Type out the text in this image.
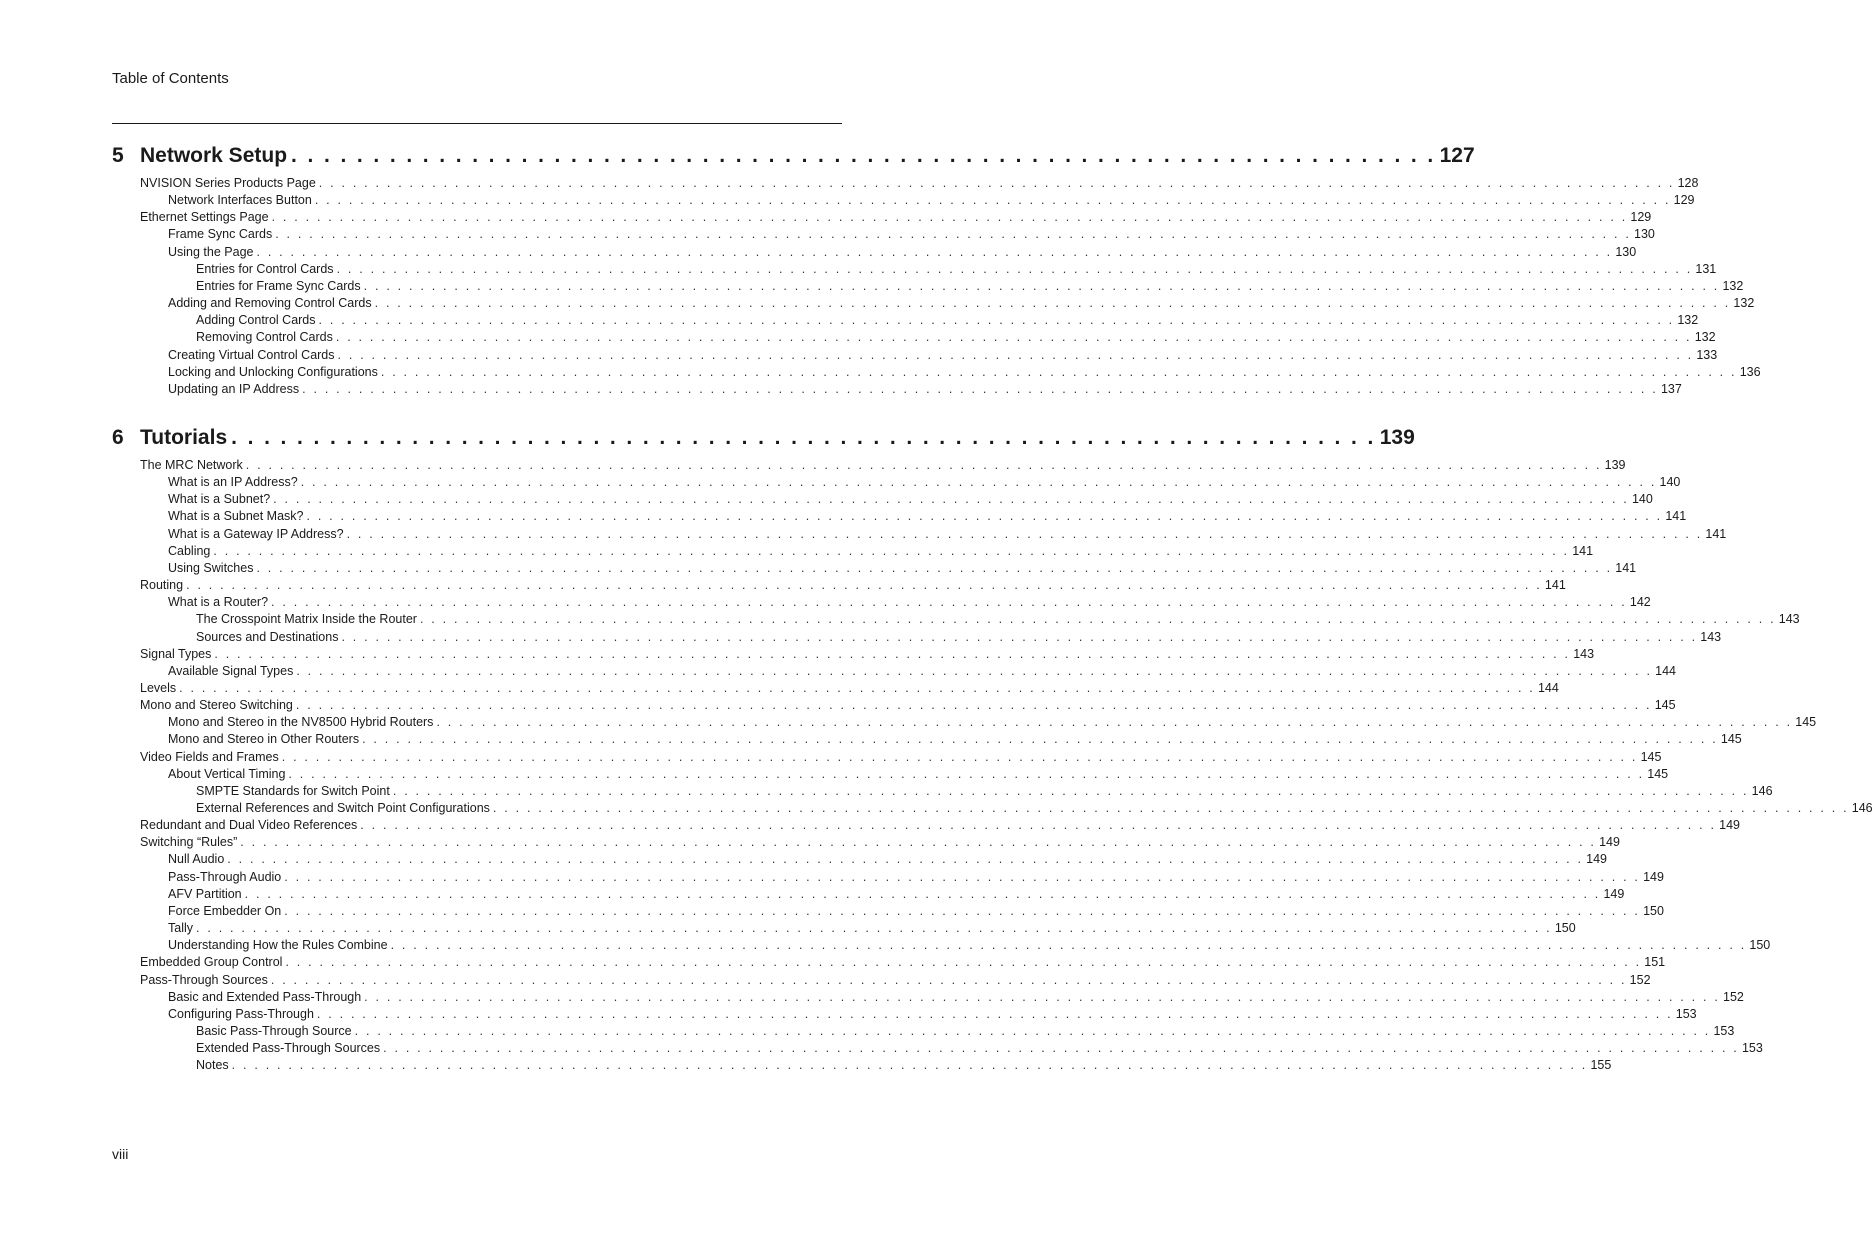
Table of Contents
5 Network Setup . . . . . . . . . . . . . . . . . . . . . . . . . . . . . . . . . . . . . . . . . . . . . . . . . . . . . . . . . . . . . . . . . . . . . . 127
NVISION Series Products Page . . . . . . . . . . . . . . . . . . . . . . . . . . . . . . . . . . . . . . . . . . . . . . . . . . . . . . . . . . . . . . . . . . . . . . . . . . . . . . . . . . . . . . . . . . . . . . . . . . . . . . . . . . . . . . . . . . . . . . . . 128
Network Interfaces Button . . . . . . . . . . . . . . . . . . . . . . . . . . . . . . . . . . . . . . . . . . . . . . . . . . . . . . . . . . . . . . . . . . . . . . . . . . . . . . . . . . . . . . . . . . . . . . . . . . . . . . . . . . . . . . . . . . . . . . . . 129
Ethernet Settings Page . . . . . . . . . . . . . . . . . . . . . . . . . . . . . . . . . . . . . . . . . . . . . . . . . . . . . . . . . . . . . . . . . . . . . . . . . . . . . . . . . . . . . . . . . . . . . . . . . . . . . . . . . . . . . . . . . . . . . . . . 129
Frame Sync Cards . . . . . . . . . . . . . . . . . . . . . . . . . . . . . . . . . . . . . . . . . . . . . . . . . . . . . . . . . . . . . . . . . . . . . . . . . . . . . . . . . . . . . . . . . . . . . . . . . . . . . . . . . . . . . . . . . . . . . . . . 130
Using the Page . . . . . . . . . . . . . . . . . . . . . . . . . . . . . . . . . . . . . . . . . . . . . . . . . . . . . . . . . . . . . . . . . . . . . . . . . . . . . . . . . . . . . . . . . . . . . . . . . . . . . . . . . . . . . . . . . . . . . . . . 130
Entries for Control Cards . . . . . . . . . . . . . . . . . . . . . . . . . . . . . . . . . . . . . . . . . . . . . . . . . . . . . . . . . . . . . . . . . . . . . . . . . . . . . . . . . . . . . . . . . . . . . . . . . . . . . . . . . . . . . . . . . . . . . . . . 131
Entries for Frame Sync Cards . . . . . . . . . . . . . . . . . . . . . . . . . . . . . . . . . . . . . . . . . . . . . . . . . . . . . . . . . . . . . . . . . . . . . . . . . . . . . . . . . . . . . . . . . . . . . . . . . . . . . . . . . . . . . . . . . . . . . . . . 132
Adding and Removing Control Cards . . . . . . . . . . . . . . . . . . . . . . . . . . . . . . . . . . . . . . . . . . . . . . . . . . . . . . . . . . . . . . . . . . . . . . . . . . . . . . . . . . . . . . . . . . . . . . . . . . . . . . . . . . . . . . . . . . . . . . . . 132
Adding Control Cards . . . . . . . . . . . . . . . . . . . . . . . . . . . . . . . . . . . . . . . . . . . . . . . . . . . . . . . . . . . . . . . . . . . . . . . . . . . . . . . . . . . . . . . . . . . . . . . . . . . . . . . . . . . . . . . . . . . . . . . . 132
Removing Control Cards . . . . . . . . . . . . . . . . . . . . . . . . . . . . . . . . . . . . . . . . . . . . . . . . . . . . . . . . . . . . . . . . . . . . . . . . . . . . . . . . . . . . . . . . . . . . . . . . . . . . . . . . . . . . . . . . . . . . . . . . 132
Creating Virtual Control Cards . . . . . . . . . . . . . . . . . . . . . . . . . . . . . . . . . . . . . . . . . . . . . . . . . . . . . . . . . . . . . . . . . . . . . . . . . . . . . . . . . . . . . . . . . . . . . . . . . . . . . . . . . . . . . . . . . . . . . . . . 133
Locking and Unlocking Configurations . . . . . . . . . . . . . . . . . . . . . . . . . . . . . . . . . . . . . . . . . . . . . . . . . . . . . . . . . . . . . . . . . . . . . . . . . . . . . . . . . . . . . . . . . . . . . . . . . . . . . . . . . . . . . . . . . . . . . . . . 136
Updating an IP Address . . . . . . . . . . . . . . . . . . . . . . . . . . . . . . . . . . . . . . . . . . . . . . . . . . . . . . . . . . . . . . . . . . . . . . . . . . . . . . . . . . . . . . . . . . . . . . . . . . . . . . . . . . . . . . . . . . . . . . . . 137
6 Tutorials . . . . . . . . . . . . . . . . . . . . . . . . . . . . . . . . . . . . . . . . . . . . . . . . . . . . . . . . . . . . . . . . . . . . . . 139
The MRC Network . . . . . . . . . . . . . . . . . . . . . . . . . . . . . . . . . . . . . . . . . . . . . . . . . . . . . . . . . . . . . . . . . . . . . . . . . . . . . . . . . . . . . . . . . . . . . . . . . . . . . . . . . . . . . . . . . . . . . . . . 139
What is an IP Address? . . . . . . . . . . . . . . . . . . . . . . . . . . . . . . . . . . . . . . . . . . . . . . . . . . . . . . . . . . . . . . . . . . . . . . . . . . . . . . . . . . . . . . . . . . . . . . . . . . . . . . . . . . . . . . . . . . . . . . . . 140
What is a Subnet? . . . . . . . . . . . . . . . . . . . . . . . . . . . . . . . . . . . . . . . . . . . . . . . . . . . . . . . . . . . . . . . . . . . . . . . . . . . . . . . . . . . . . . . . . . . . . . . . . . . . . . . . . . . . . . . . . . . . . . . . 140
What is a Subnet Mask? . . . . . . . . . . . . . . . . . . . . . . . . . . . . . . . . . . . . . . . . . . . . . . . . . . . . . . . . . . . . . . . . . . . . . . . . . . . . . . . . . . . . . . . . . . . . . . . . . . . . . . . . . . . . . . . . . . . . . . . . 141
What is a Gateway IP Address? . . . . . . . . . . . . . . . . . . . . . . . . . . . . . . . . . . . . . . . . . . . . . . . . . . . . . . . . . . . . . . . . . . . . . . . . . . . . . . . . . . . . . . . . . . . . . . . . . . . . . . . . . . . . . . . . . . . . . . . . 141
Cabling . . . . . . . . . . . . . . . . . . . . . . . . . . . . . . . . . . . . . . . . . . . . . . . . . . . . . . . . . . . . . . . . . . . . . . . . . . . . . . . . . . . . . . . . . . . . . . . . . . . . . . . . . . . . . . . . . . . . . . . . 141
Using Switches . . . . . . . . . . . . . . . . . . . . . . . . . . . . . . . . . . . . . . . . . . . . . . . . . . . . . . . . . . . . . . . . . . . . . . . . . . . . . . . . . . . . . . . . . . . . . . . . . . . . . . . . . . . . . . . . . . . . . . . . 141
Routing . . . . . . . . . . . . . . . . . . . . . . . . . . . . . . . . . . . . . . . . . . . . . . . . . . . . . . . . . . . . . . . . . . . . . . . . . . . . . . . . . . . . . . . . . . . . . . . . . . . . . . . . . . . . . . . . . . . . . . . . 141
What is a Router? . . . . . . . . . . . . . . . . . . . . . . . . . . . . . . . . . . . . . . . . . . . . . . . . . . . . . . . . . . . . . . . . . . . . . . . . . . . . . . . . . . . . . . . . . . . . . . . . . . . . . . . . . . . . . . . . . . . . . . . . 142
The Crosspoint Matrix Inside the Router . . . . . . . . . . . . . . . . . . . . . . . . . . . . . . . . . . . . . . . . . . . . . . . . . . . . . . . . . . . . . . . . . . . . . . . . . . . . . . . . . . . . . . . . . . . . . . . . . . . . . . . . . . . . . . . . . . . . . . . . 143
Sources and Destinations . . . . . . . . . . . . . . . . . . . . . . . . . . . . . . . . . . . . . . . . . . . . . . . . . . . . . . . . . . . . . . . . . . . . . . . . . . . . . . . . . . . . . . . . . . . . . . . . . . . . . . . . . . . . . . . . . . . . . . . . 143
Signal Types . . . . . . . . . . . . . . . . . . . . . . . . . . . . . . . . . . . . . . . . . . . . . . . . . . . . . . . . . . . . . . . . . . . . . . . . . . . . . . . . . . . . . . . . . . . . . . . . . . . . . . . . . . . . . . . . . . . . . . . . 143
Available Signal Types . . . . . . . . . . . . . . . . . . . . . . . . . . . . . . . . . . . . . . . . . . . . . . . . . . . . . . . . . . . . . . . . . . . . . . . . . . . . . . . . . . . . . . . . . . . . . . . . . . . . . . . . . . . . . . . . . . . . . . . . 144
Levels . . . . . . . . . . . . . . . . . . . . . . . . . . . . . . . . . . . . . . . . . . . . . . . . . . . . . . . . . . . . . . . . . . . . . . . . . . . . . . . . . . . . . . . . . . . . . . . . . . . . . . . . . . . . . . . . . . . . . . . . 144
Mono and Stereo Switching . . . . . . . . . . . . . . . . . . . . . . . . . . . . . . . . . . . . . . . . . . . . . . . . . . . . . . . . . . . . . . . . . . . . . . . . . . . . . . . . . . . . . . . . . . . . . . . . . . . . . . . . . . . . . . . . . . . . . . . . 145
Mono and Stereo in the NV8500 Hybrid Routers . . . . . . . . . . . . . . . . . . . . . . . . . . . . . . . . . . . . . . . . . . . . . . . . . . . . . . . . . . . . . . . . . . . . . . . . . . . . . . . . . . . . . . . . . . . . . . . . . . . . . . . . . . . . . . . . . . . . . . . . 145
Mono and Stereo in Other Routers . . . . . . . . . . . . . . . . . . . . . . . . . . . . . . . . . . . . . . . . . . . . . . . . . . . . . . . . . . . . . . . . . . . . . . . . . . . . . . . . . . . . . . . . . . . . . . . . . . . . . . . . . . . . . . . . . . . . . . . . 145
Video Fields and Frames . . . . . . . . . . . . . . . . . . . . . . . . . . . . . . . . . . . . . . . . . . . . . . . . . . . . . . . . . . . . . . . . . . . . . . . . . . . . . . . . . . . . . . . . . . . . . . . . . . . . . . . . . . . . . . . . . . . . . . . . 145
About Vertical Timing . . . . . . . . . . . . . . . . . . . . . . . . . . . . . . . . . . . . . . . . . . . . . . . . . . . . . . . . . . . . . . . . . . . . . . . . . . . . . . . . . . . . . . . . . . . . . . . . . . . . . . . . . . . . . . . . . . . . . . . . 145
SMPTE Standards for Switch Point . . . . . . . . . . . . . . . . . . . . . . . . . . . . . . . . . . . . . . . . . . . . . . . . . . . . . . . . . . . . . . . . . . . . . . . . . . . . . . . . . . . . . . . . . . . . . . . . . . . . . . . . . . . . . . . . . . . . . . . . 146
External References and Switch Point Configurations . . . . . . . . . . . . . . . . . . . . . . . . . . . . . . . . . . . . . . . . . . . . . . . . . . . . . . . . . . . . . . . . . . . . . . . . . . . . . . . . . . . . . . . . . . . . . . . . . . . . . . . . . . . . . . . . . . . . . . . . 146
Redundant and Dual Video References . . . . . . . . . . . . . . . . . . . . . . . . . . . . . . . . . . . . . . . . . . . . . . . . . . . . . . . . . . . . . . . . . . . . . . . . . . . . . . . . . . . . . . . . . . . . . . . . . . . . . . . . . . . . . . . . . . . . . . . . 149
Switching “Rules” . . . . . . . . . . . . . . . . . . . . . . . . . . . . . . . . . . . . . . . . . . . . . . . . . . . . . . . . . . . . . . . . . . . . . . . . . . . . . . . . . . . . . . . . . . . . . . . . . . . . . . . . . . . . . . . . . . . . . . . . 149
Null Audio . . . . . . . . . . . . . . . . . . . . . . . . . . . . . . . . . . . . . . . . . . . . . . . . . . . . . . . . . . . . . . . . . . . . . . . . . . . . . . . . . . . . . . . . . . . . . . . . . . . . . . . . . . . . . . . . . . . . . . . . 149
Pass-Through Audio . . . . . . . . . . . . . . . . . . . . . . . . . . . . . . . . . . . . . . . . . . . . . . . . . . . . . . . . . . . . . . . . . . . . . . . . . . . . . . . . . . . . . . . . . . . . . . . . . . . . . . . . . . . . . . . . . . . . . . . . 149
AFV Partition . . . . . . . . . . . . . . . . . . . . . . . . . . . . . . . . . . . . . . . . . . . . . . . . . . . . . . . . . . . . . . . . . . . . . . . . . . . . . . . . . . . . . . . . . . . . . . . . . . . . . . . . . . . . . . . . . . . . . . . . 149
Force Embedder On . . . . . . . . . . . . . . . . . . . . . . . . . . . . . . . . . . . . . . . . . . . . . . . . . . . . . . . . . . . . . . . . . . . . . . . . . . . . . . . . . . . . . . . . . . . . . . . . . . . . . . . . . . . . . . . . . . . . . . . . 150
Tally . . . . . . . . . . . . . . . . . . . . . . . . . . . . . . . . . . . . . . . . . . . . . . . . . . . . . . . . . . . . . . . . . . . . . . . . . . . . . . . . . . . . . . . . . . . . . . . . . . . . . . . . . . . . . . . . . . . . . . . . 150
Understanding How the Rules Combine . . . . . . . . . . . . . . . . . . . . . . . . . . . . . . . . . . . . . . . . . . . . . . . . . . . . . . . . . . . . . . . . . . . . . . . . . . . . . . . . . . . . . . . . . . . . . . . . . . . . . . . . . . . . . . . . . . . . . . . . 150
Embedded Group Control . . . . . . . . . . . . . . . . . . . . . . . . . . . . . . . . . . . . . . . . . . . . . . . . . . . . . . . . . . . . . . . . . . . . . . . . . . . . . . . . . . . . . . . . . . . . . . . . . . . . . . . . . . . . . . . . . . . . . . . . 151
Pass-Through Sources . . . . . . . . . . . . . . . . . . . . . . . . . . . . . . . . . . . . . . . . . . . . . . . . . . . . . . . . . . . . . . . . . . . . . . . . . . . . . . . . . . . . . . . . . . . . . . . . . . . . . . . . . . . . . . . . . . . . . . . . 152
Basic and Extended Pass-Through . . . . . . . . . . . . . . . . . . . . . . . . . . . . . . . . . . . . . . . . . . . . . . . . . . . . . . . . . . . . . . . . . . . . . . . . . . . . . . . . . . . . . . . . . . . . . . . . . . . . . . . . . . . . . . . . . . . . . . . . 152
Configuring Pass-Through . . . . . . . . . . . . . . . . . . . . . . . . . . . . . . . . . . . . . . . . . . . . . . . . . . . . . . . . . . . . . . . . . . . . . . . . . . . . . . . . . . . . . . . . . . . . . . . . . . . . . . . . . . . . . . . . . . . . . . . . 153
Basic Pass-Through Source . . . . . . . . . . . . . . . . . . . . . . . . . . . . . . . . . . . . . . . . . . . . . . . . . . . . . . . . . . . . . . . . . . . . . . . . . . . . . . . . . . . . . . . . . . . . . . . . . . . . . . . . . . . . . . . . . . . . . . . . 153
Extended Pass-Through Sources . . . . . . . . . . . . . . . . . . . . . . . . . . . . . . . . . . . . . . . . . . . . . . . . . . . . . . . . . . . . . . . . . . . . . . . . . . . . . . . . . . . . . . . . . . . . . . . . . . . . . . . . . . . . . . . . . . . . . . . . 153
Notes . . . . . . . . . . . . . . . . . . . . . . . . . . . . . . . . . . . . . . . . . . . . . . . . . . . . . . . . . . . . . . . . . . . . . . . . . . . . . . . . . . . . . . . . . . . . . . . . . . . . . . . . . . . . . . . . . . . . . . . . 155
viii
